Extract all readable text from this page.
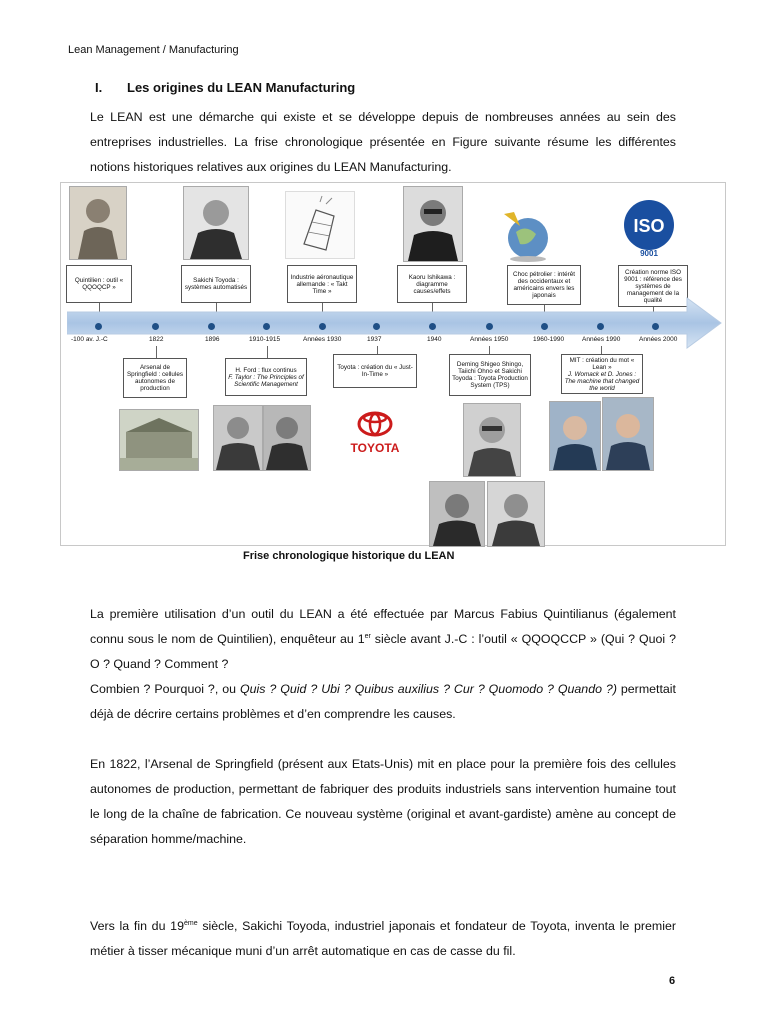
Lean Management / Manufacturing
I. Les origines du LEAN Manufacturing

Le LEAN est une démarche qui existe et se développe depuis de nombreuses années au sein des entreprises industrielles. La frise chronologique présentée en Figure suivante résume les différentes notions historiques relatives aux origines du LEAN Manufacturing.

ISO
9001
Quintilien : outil « QQOQCP »
Sakichi Toyoda : systèmes automatisés
Industrie aéronautique allemande : « Takt Time »
Kaoru Ishikawa : diagramme causes/effets
Choc pétrolier : intérêt des occidentaux et américains envers les japonais
Création norme ISO 9001 : référence des systèmes de management de la qualité
-100 av. J.-C	1822	1896	1910-1915	Années 1930	1937	1940	Années 1950	1960-1990	Années 1990	Années 2000
Arsenal de Springfield : cellules autonomes de production
H. Ford : flux continus
F. Taylor : The Principles of Scientific Management
Toyota : création du « Just-In-Time »
Deming Shigeo Shingo, Taiichi Ohno et Sakichi Toyoda : Toyota Production System (TPS)
MIT : création du mot « Lean »
J. Womack et D. Jones : The machine that changed the world
TOYOTA
Frise chronologique historique du LEAN

La première utilisation d’un outil du LEAN a été effectuée par Marcus Fabius Quintilianus (également connu sous le nom de Quintilien), enquêteur au 1er siècle avant J.-C : l’outil « QQOQCCP » (Qui ? Quoi ? O ? Quand ? Comment ?

Combien ? Pourquoi ?, ou Quis ? Quid ? Ubi ? Quibus auxilius ? Cur ? Quomodo ? Quando ?) permettait déjà de décrire certains problèmes et d’en comprendre les causes.

En 1822, l’Arsenal de Springfield (présent aux Etats-Unis) mit en place pour la première fois des cellules autonomes de production, permettant de fabriquer des produits industriels sans intervention humaine tout le long de la chaîne de fabrication. Ce nouveau système (original et avant-gardiste) amène au concept de séparation homme/machine.

Vers la fin du 19ème siècle, Sakichi Toyoda, industriel japonais et fondateur de Toyota, inventa le premier métier à tisser mécanique muni d’un arrêt automatique en cas de casse du fil.

6
